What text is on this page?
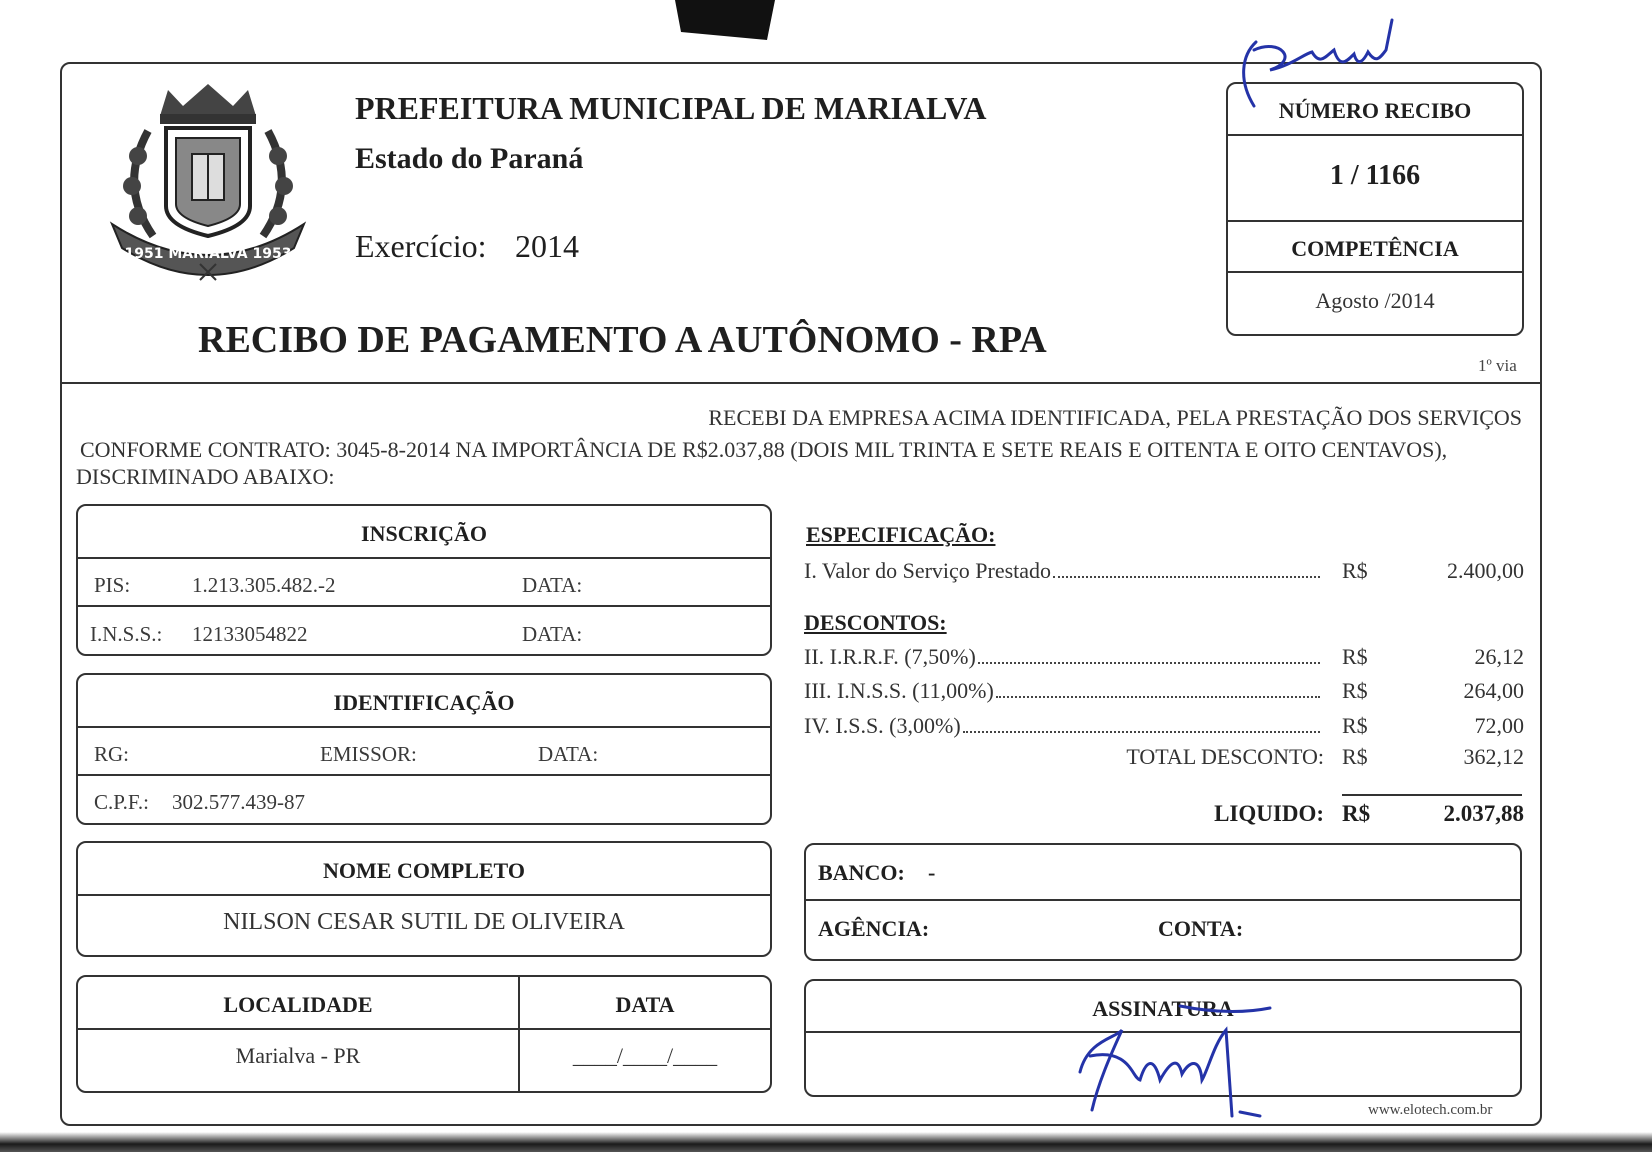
1951 MARIALVA 1953
PREFEITURA MUNICIPAL DE MARIALVA
Estado do Paraná
Exercício: 2014
RECIBO DE PAGAMENTO A AUTÔNOMO - RPA
1º via
NÚMERO RECIBO
1 / 1166
COMPETÊNCIA
Agosto /2014
RECEBI DA EMPRESA ACIMA IDENTIFICADA, PELA PRESTAÇÃO DOS SERVIÇOS
CONFORME CONTRATO: 3045-8-2014 NA IMPORTÂNCIA DE R$2.037,88 (DOIS MIL TRINTA E SETE REAIS E OITENTA E OITO CENTAVOS),
DISCRIMINADO ABAIXO:
INSCRIÇÃO
PIS:	1.213.305.482.-2	DATA:
I.N.S.S.: 12133054822	DATA:
IDENTIFICAÇÃO
RG:	EMISSOR:	DATA:
C.P.F.: 302.577.439-87
NOME COMPLETO
NILSON CESAR SUTIL DE OLIVEIRA
LOCALIDADE	DATA
Marialva - PR	____/____/____
ESPECIFICAÇÃO:
I. Valor do Serviço Prestado	R$	2.400,00
DESCONTOS:
II. I.R.R.F. (7,50%)	R$	26,12
III. I.N.S.S. (11,00%)	R$	264,00
IV. I.S.S. (3,00%)	R$	72,00
TOTAL DESCONTO: R$	362,12
LIQUIDO: R$	2.037,88
BANCO: -
AGÊNCIA:	CONTA:
ASSINATURA
www.elotech.com.br
